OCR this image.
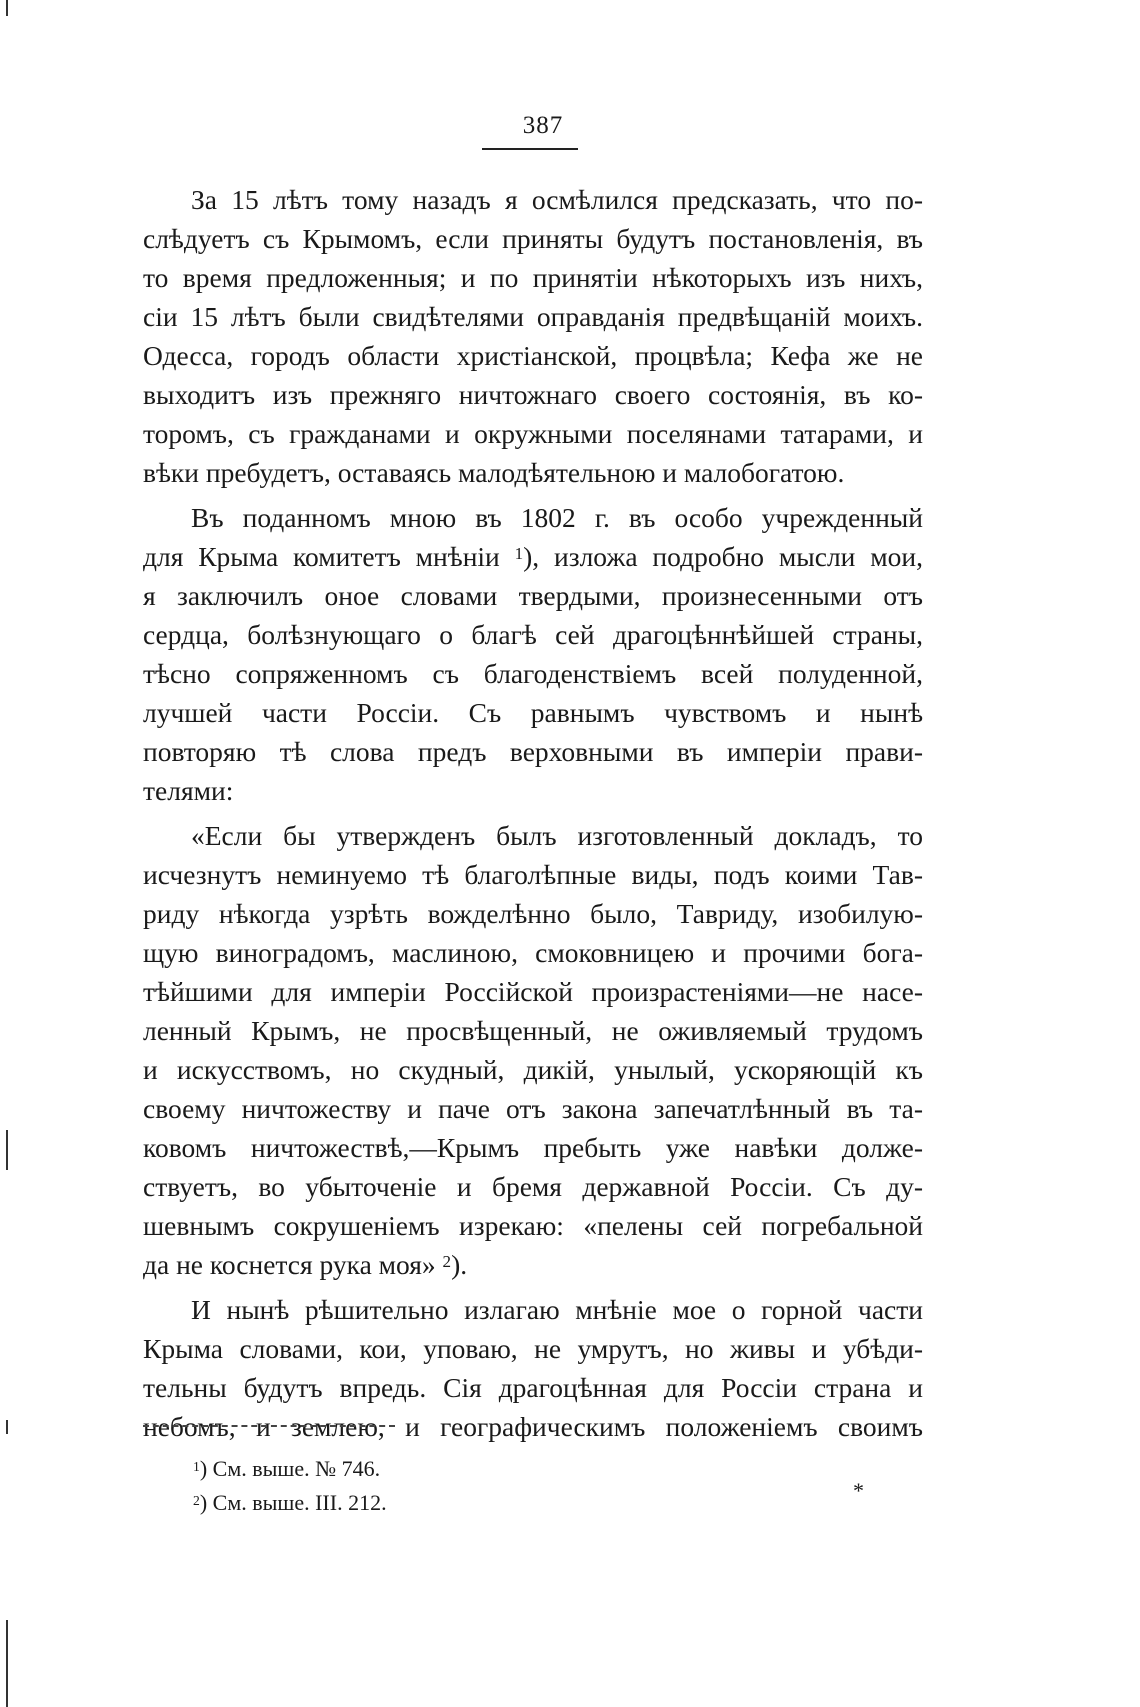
387
За 15 лѣтъ тому назадъ я осмѣлился предсказать, что по-
слѣдуетъ съ Крымомъ, если приняты будутъ постановленія, въ
то время предложенныя; и по принятіи нѣкоторыхъ изъ нихъ,
сіи 15 лѣтъ были свидѣтелями оправданія предвѣщаній моихъ.
Одесса, городъ области христіанской, процвѣла; Кефа же не
выходитъ изъ прежняго ничтожнаго своего состоянія, въ ко-
торомъ, съ гражданами и окружными поселянами татарами, и
вѣки пребудетъ, оставаясь малодѣятельною и малобогатою.
Въ поданномъ мною въ 1802 г. въ особо учрежденный
для Крыма комитетъ мнѣніи $^1$), изложа подробно мысли мои,
я заключилъ оное словами твердыми, произнесенными отъ
сердца, болѣзнующаго о благѣ сей драгоцѣннѣйшей страны,
тѣсно сопряженномъ съ благоденствіемъ всей полуденной,
лучшей части Россіи. Съ равнымъ чувствомъ и нынѣ
повторяю тѣ слова предъ верховными въ имперіи прави-
телями:
«Если бы утвержденъ былъ изготовленный докладъ, то
исчезнутъ неминуемо тѣ благолѣпные виды, подъ коими Тав-
риду нѣкогда узрѣть вожделѣнно было, Тавриду, изобилую-
щую виноградомъ, маслиною, смоковницею и прочими бога-
тѣйшими для имперіи Россійской произрастеніями—не насе-
ленный Крымъ, не просвѣщенный, не оживляемый трудомъ
и искусствомъ, но скудный, дикій, унылый, ускоряющій къ
своему ничтожеству и паче отъ закона запечатлѣнный въ та-
ковомъ ничтожествѣ,—Крымъ пребыть уже навѣки долже-
ствуетъ, во убыточеніе и бремя державной Россіи. Съ ду-
шевнымъ сокрушеніемъ изрекаю: «пелены сей погребальной
да не коснется рука моя» $^2$).
И нынѣ рѣшительно излагаю мнѣніе мое о горной части
Крыма словами, кои, уповаю, не умрутъ, но живы и убѣди-
тельны будутъ впредь. Сія драгоцѣнная для Россіи страна и
небомъ, и землею, и географическимъ положеніемъ своимъ

$^1$) См. выше. № 746.

$^2$) См. выше. III. 212.	*
